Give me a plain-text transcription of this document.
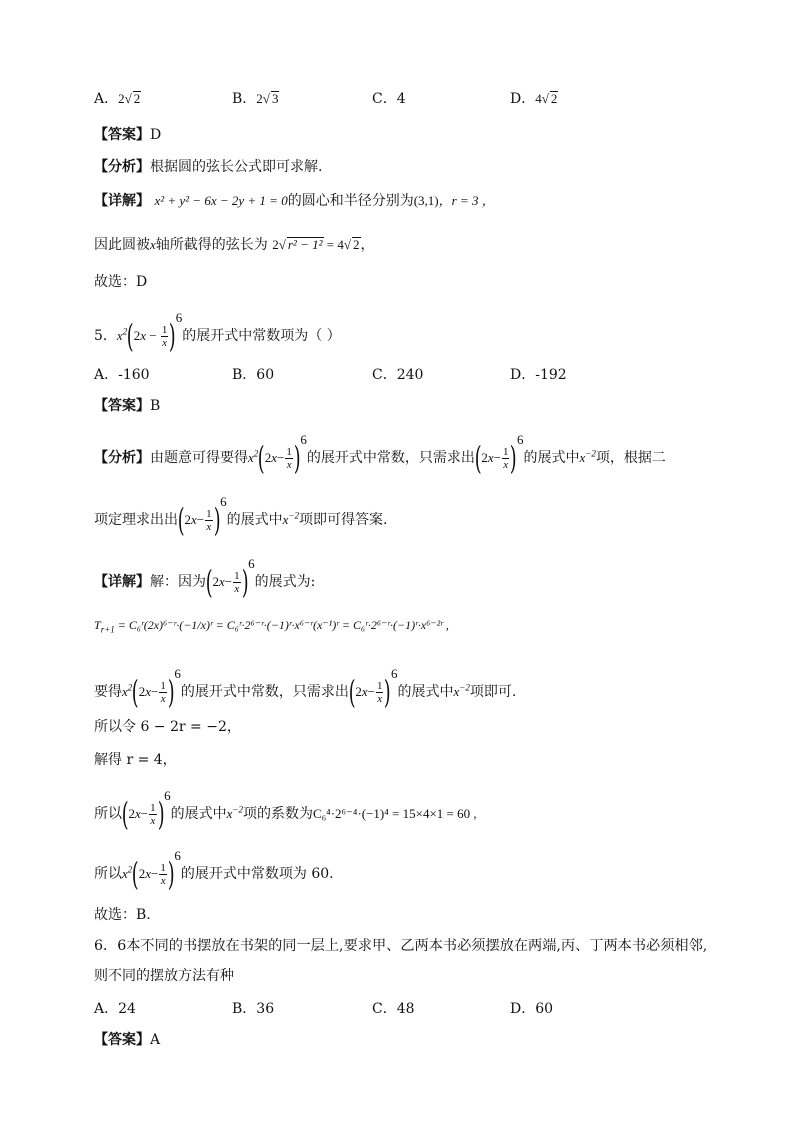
A．2√ 2	B．2√ 3	C．4	D．4√ 2
【答案】D
【分析】根据圆的弦长公式即可求解.
【详解】 x² + y² − 6x − 2y + 1 = 0的圆心和半径分别为(3,1)，r = 3 ，
因此圆被x轴所截得的弦长为 2√ r² − 1² = 4√ 2，
故选：D
5．$x^2(2x - \frac{1}{x} )^6$的展开式中常数项为（ ）
A．-160	B．60	C．240	D．-192
【答案】B
【分析】由题意可得要得$x^2(2x- \frac{1}{x} )^6$的展开式中常数，只需求出$(2x- \frac{1}{x} )^6$的展式中$x^{-2}$项，根据二
项定理求出出$(2x- \frac{1}{x} )^6$的展式中$x^{-2}$项即可得答案.
【详解】解：因为$(2x- \frac{1}{x} )^6$的展式为:
$T_{r+1}$ = C₆ʳ(2x)⁶⁻ʳ·(−1/x)ʳ = C₆ʳ·2⁶⁻ʳ·(−1)ʳ·x⁶⁻ʳ(x⁻¹)ʳ = C₆ʳ·2⁶⁻ʳ·(−1)ʳ·x⁶⁻²ʳ ,
要得$x^2(2x- \frac{1}{x} )^6$的展开式中常数，只需求出$(2x- \frac{1}{x} )^6$的展式中$x^{-2}$项即可.
所以令 6 − 2r = −2，
解得 r = 4，
所以$(2x- \frac{1}{x} )^6$的展式中$x^{-2}$项的系数为C₆⁴·2⁶⁻⁴·(−1)⁴ = 15×4×1 = 60 ,
所以$x^2(2x- \frac{1}{x} )^6$的展开式中常数项为 60.
故选：B.
6．6本不同的书摆放在书架的同一层上,要求甲、乙两本书必须摆放在两端,丙、丁两本书必须相邻,
则不同的摆放方法有种
A．24	B．36	C．48	D．60
【答案】A
